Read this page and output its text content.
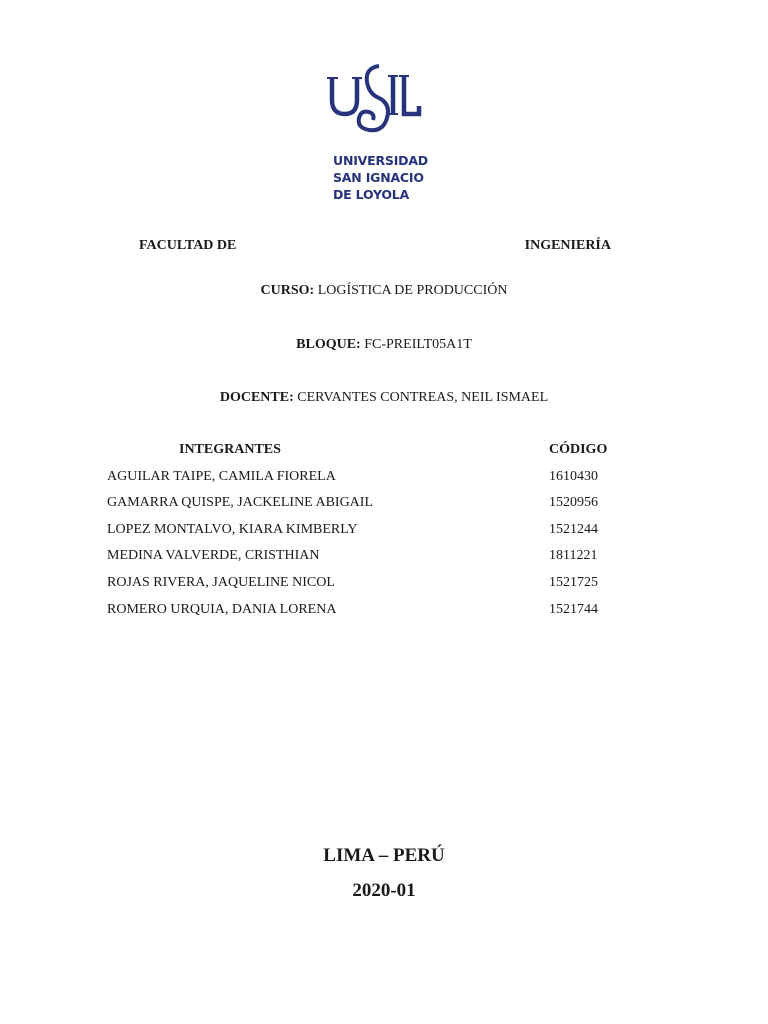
UNIVERSIDAD
SAN IGNACIO
DE LOYOLA
FACULTAD DE	INGENIERÍA
CURSO: LOGÍSTICA DE PRODUCCIÓN
BLOQUE: FC-PREILT05A1T
DOCENTE: CERVANTES CONTREAS, NEIL ISMAEL
INTEGRANTES	CÓDIGO
AGUILAR TAIPE, CAMILA FIORELA	1610430
GAMARRA QUISPE, JACKELINE ABIGAIL	1520956
LOPEZ MONTALVO, KIARA KIMBERLY	1521244
MEDINA VALVERDE, CRISTHIAN	1811221
ROJAS RIVERA, JAQUELINE NICOL	1521725
ROMERO URQUIA, DANIA LORENA	1521744
LIMA – PERÚ
2020-01
